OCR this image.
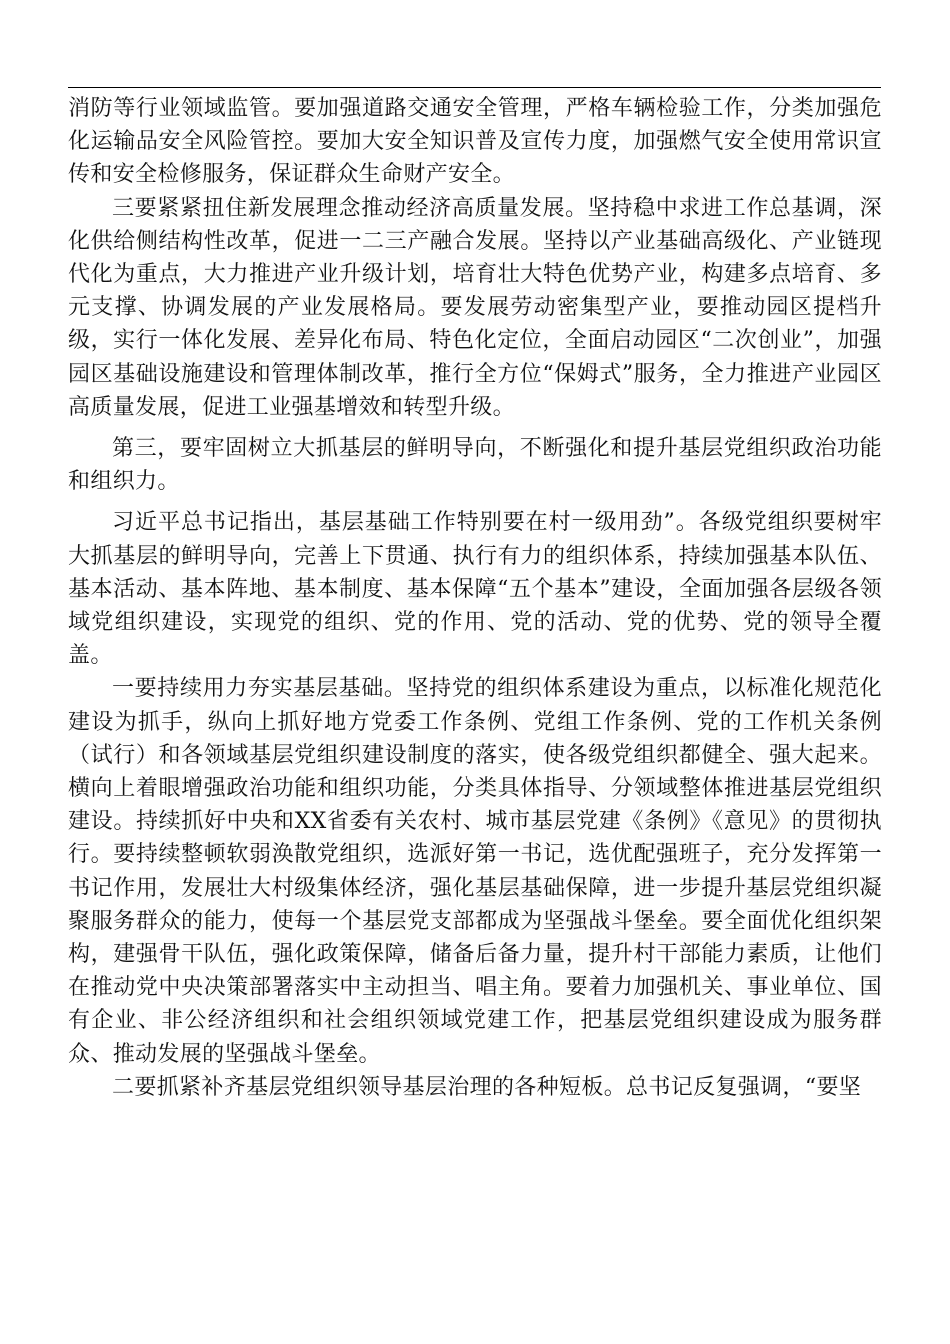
消防等行业领域监管。要加强道路交通安全管理，严格车辆检验工作，分类加强危化运输品安全风险管控。要加大安全知识普及宣传力度，加强燃气安全使用常识宣传和安全检修服务，保证群众生命财产安全。

三要紧紧扭住新发展理念推动经济高质量发展。坚持稳中求进工作总基调，深化供给侧结构性改革，促进一二三产融合发展。坚持以产业基础高级化、产业链现代化为重点，大力推进产业升级计划，培育壮大特色优势产业，构建多点培育、多元支撑、协调发展的产业发展格局。要发展劳动密集型产业，要推动园区提档升级，实行一体化发展、差异化布局、特色化定位，全面启动园区“二次创业”，加强园区基础设施建设和管理体制改革，推行全方位“保姆式”服务，全力推进产业园区高质量发展，促进工业强基增效和转型升级。

第三，要牢固树立大抓基层的鲜明导向，不断强化和提升基层党组织政治功能和组织力。

习近平总书记指出，基层基础工作特别要在村一级用劲”。各级党组织要树牢大抓基层的鲜明导向，完善上下贯通、执行有力的组织体系，持续加强基本队伍、基本活动、基本阵地、基本制度、基本保障“五个基本”建设，全面加强各层级各领域党组织建设，实现党的组织、党的作用、党的活动、党的优势、党的领导全覆盖。

一要持续用力夯实基层基础。坚持党的组织体系建设为重点，以标准化规范化建设为抓手，纵向上抓好地方党委工作条例、党组工作条例、党的工作机关条例（试行）和各领域基层党组织建设制度的落实，使各级党组织都健全、强大起来。横向上着眼增强政治功能和组织功能，分类具体指导、分领域整体推进基层党组织建设。持续抓好中央和XX省委有关农村、城市基层党建《条例》《意见》的贯彻执行。要持续整顿软弱涣散党组织，选派好第一书记，选优配强班子，充分发挥第一书记作用，发展壮大村级集体经济，强化基层基础保障，进一步提升基层党组织凝聚服务群众的能力，使每一个基层党支部都成为坚强战斗堡垒。要全面优化组织架构，建强骨干队伍，强化政策保障，储备后备力量，提升村干部能力素质，让他们在推动党中央决策部署落实中主动担当、唱主角。要着力加强机关、事业单位、国有企业、非公经济组织和社会组织领域党建工作，把基层党组织建设成为服务群众、推动发展的坚强战斗堡垒。

二要抓紧补齐基层党组织领导基层治理的各种短板。总书记反复强调，“要坚
